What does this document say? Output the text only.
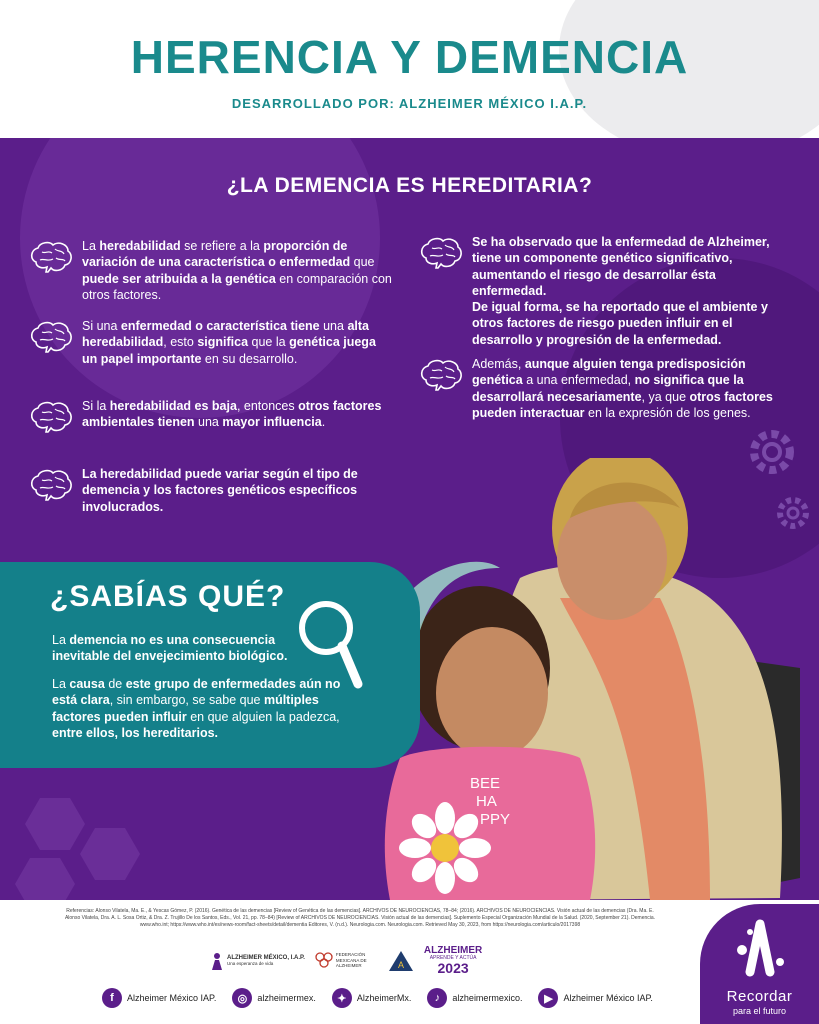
HERENCIA Y DEMENCIA
DESARROLLADO POR: ALZHEIMER MÉXICO I.A.P.
¿LA DEMENCIA ES HEREDITARIA?

La heredabilidad se refiere a la proporción de variación de una característica o enfermedad que puede ser atribuida a la genética en comparación con otros factores.

Si una enfermedad o característica tiene una alta heredabilidad, esto significa que la genética juega un papel importante en su desarrollo.

Si la heredabilidad es baja, entonces otros factores ambientales tienen una mayor influencia.

La heredabilidad puede variar según el tipo de demencia y los factores genéticos específicos involucrados.

Se ha observado que la enfermedad de Alzheimer, tiene un componente genético significativo, aumentando el riesgo de desarrollar ésta enfermedad.
De igual forma, se ha reportado que el ambiente y otros factores de riesgo pueden influir en el desarrollo y progresión de la enfermedad.

Además, aunque alguien tenga predisposición genética a una enfermedad, no significa que la desarrollará necesariamente, ya que otros factores pueden interactuar en la expresión de los genes.

BEE
HA
PPY
¿SABÍAS QUÉ?

La demencia no es una consecuencia inevitable del envejecimiento biológico.

La causa de este grupo de enfermedades aún no está clara, sin embargo, se sabe que múltiples factores pueden influir en que alguien la padezca, entre ellos, los hereditarios.

Referencias: Alonso Vilatela, Ma. E., & Yescas Gómez, P. (2016). Genética de las demencias [Review of Genética de las demencias]. ARCHIVOS DE NEUROCIENCIAS, 78–84; (2016). ARCHIVOS DE NEUROCIENCIAS. Visión actual de las demencias (Dra. Ma. E. Alonso Vilatela, Dra. A. L. Sosa Ortiz, & Dra. Z. Trujillo De los Santos, Eds., Vol. 21, pp. 78–84) [Review of ARCHIVOS DE NEUROCIENCIAS. Visión actual de las demencias]. Suplemento Especial Organización Mundial de la Salud. (2020, September 21). Demencia. www.who.int; https://www.who.int/es/news-room/fact-sheets/detail/dementia Editores, V. (n.d.). Neurologia.com. Neurologia.com. Retrieved May 30, 2023, from https://neurologia.com/articulo/2017398
ALZHEIMER MÉXICO, I.A.P.
Una esperanza de vida
FEDERACIÓN MEXICANA DE ALZHEIMER	A
ALZHEIMER
APRENDE Y ACTÚA
2023
f	Alzheimer México IAP.	◎	alzheimermex.	✦	AlzheimerMx.	♪	alzheimermexico.	▶	Alzheimer México IAP.	Recordar
para el futuro
